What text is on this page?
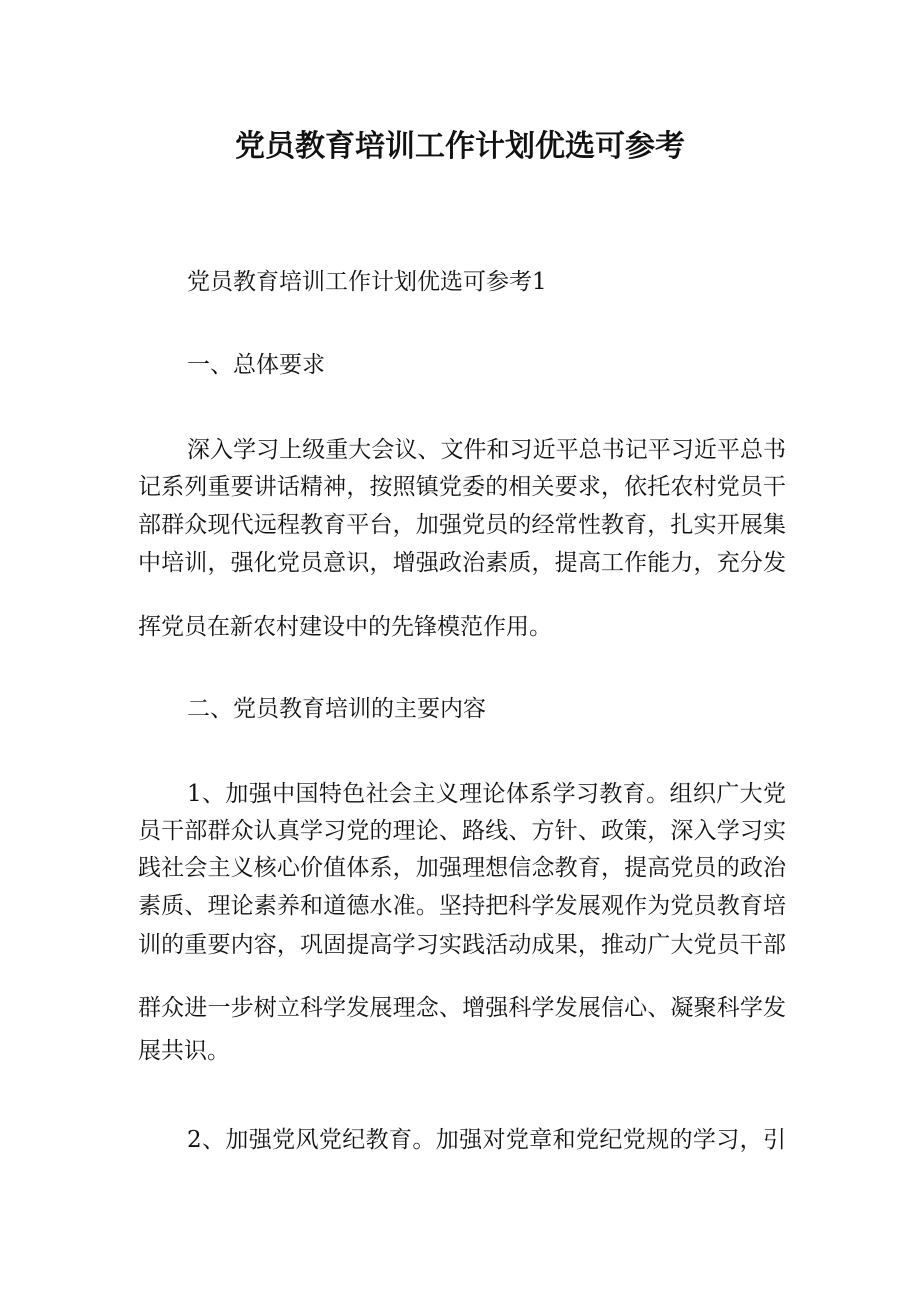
党员教育培训工作计划优选可参考

党员教育培训工作计划优选可参考1

一、总体要求

深入学习上级重大会议、文件和习近平总书记平习近平总书

记系列重要讲话精神，按照镇党委的相关要求，依托农村党员干

部群众现代远程教育平台，加强党员的经常性教育，扎实开展集

中培训，强化党员意识，增强政治素质，提高工作能力，充分发

挥党员在新农村建设中的先锋模范作用。

二、党员教育培训的主要内容

1、加强中国特色社会主义理论体系学习教育。组织广大党

员干部群众认真学习党的理论、路线、方针、政策，深入学习实

践社会主义核心价值体系，加强理想信念教育，提高党员的政治

素质、理论素养和道德水准。坚持把科学发展观作为党员教育培

训的重要内容，巩固提高学习实践活动成果，推动广大党员干部

群众进一步树立科学发展理念、增强科学发展信心、凝聚科学发

展共识。

2、加强党风党纪教育。加强对党章和党纪党规的学习，引
